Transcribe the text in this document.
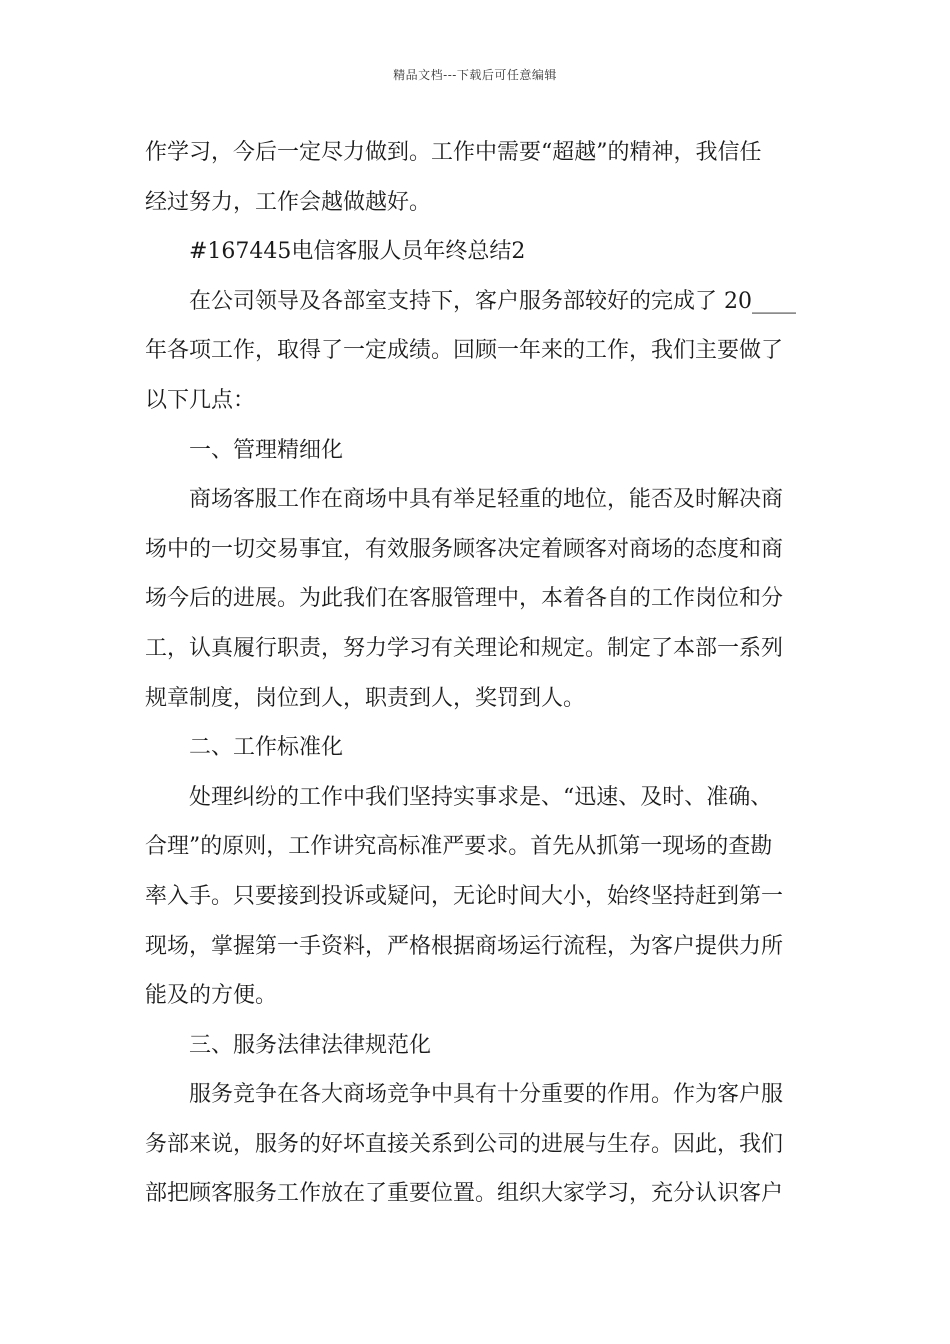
精品文档---下载后可任意编辑
作学习，今后一定尽力做到。工作中需要“超越”的精神，我信任
经过努力，工作会越做越好。
#167445电信客服人员年终总结2
在公司领导及各部室支持下，客户服务部较好的完成了 20____
年各项工作，取得了一定成绩。回顾一年来的工作，我们主要做了
以下几点：
一、管理精细化
商场客服工作在商场中具有举足轻重的地位，能否及时解决商
场中的一切交易事宜，有效服务顾客决定着顾客对商场的态度和商
场今后的进展。为此我们在客服管理中，本着各自的工作岗位和分
工，认真履行职责，努力学习有关理论和规定。制定了本部一系列
规章制度，岗位到人，职责到人，奖罚到人。
二、工作标准化
处理纠纷的工作中我们坚持实事求是、“迅速、及时、准确、
合理”的原则，工作讲究高标准严要求。首先从抓第一现场的查勘
率入手。只要接到投诉或疑问，无论时间大小，始终坚持赶到第一
现场，掌握第一手资料，严格根据商场运行流程，为客户提供力所
能及的方便。
三、服务法律法律规范化
服务竞争在各大商场竞争中具有十分重要的作用。作为客户服
务部来说，服务的好坏直接关系到公司的进展与生存。因此，我们
部把顾客服务工作放在了重要位置。组织大家学习，充分认识客户
